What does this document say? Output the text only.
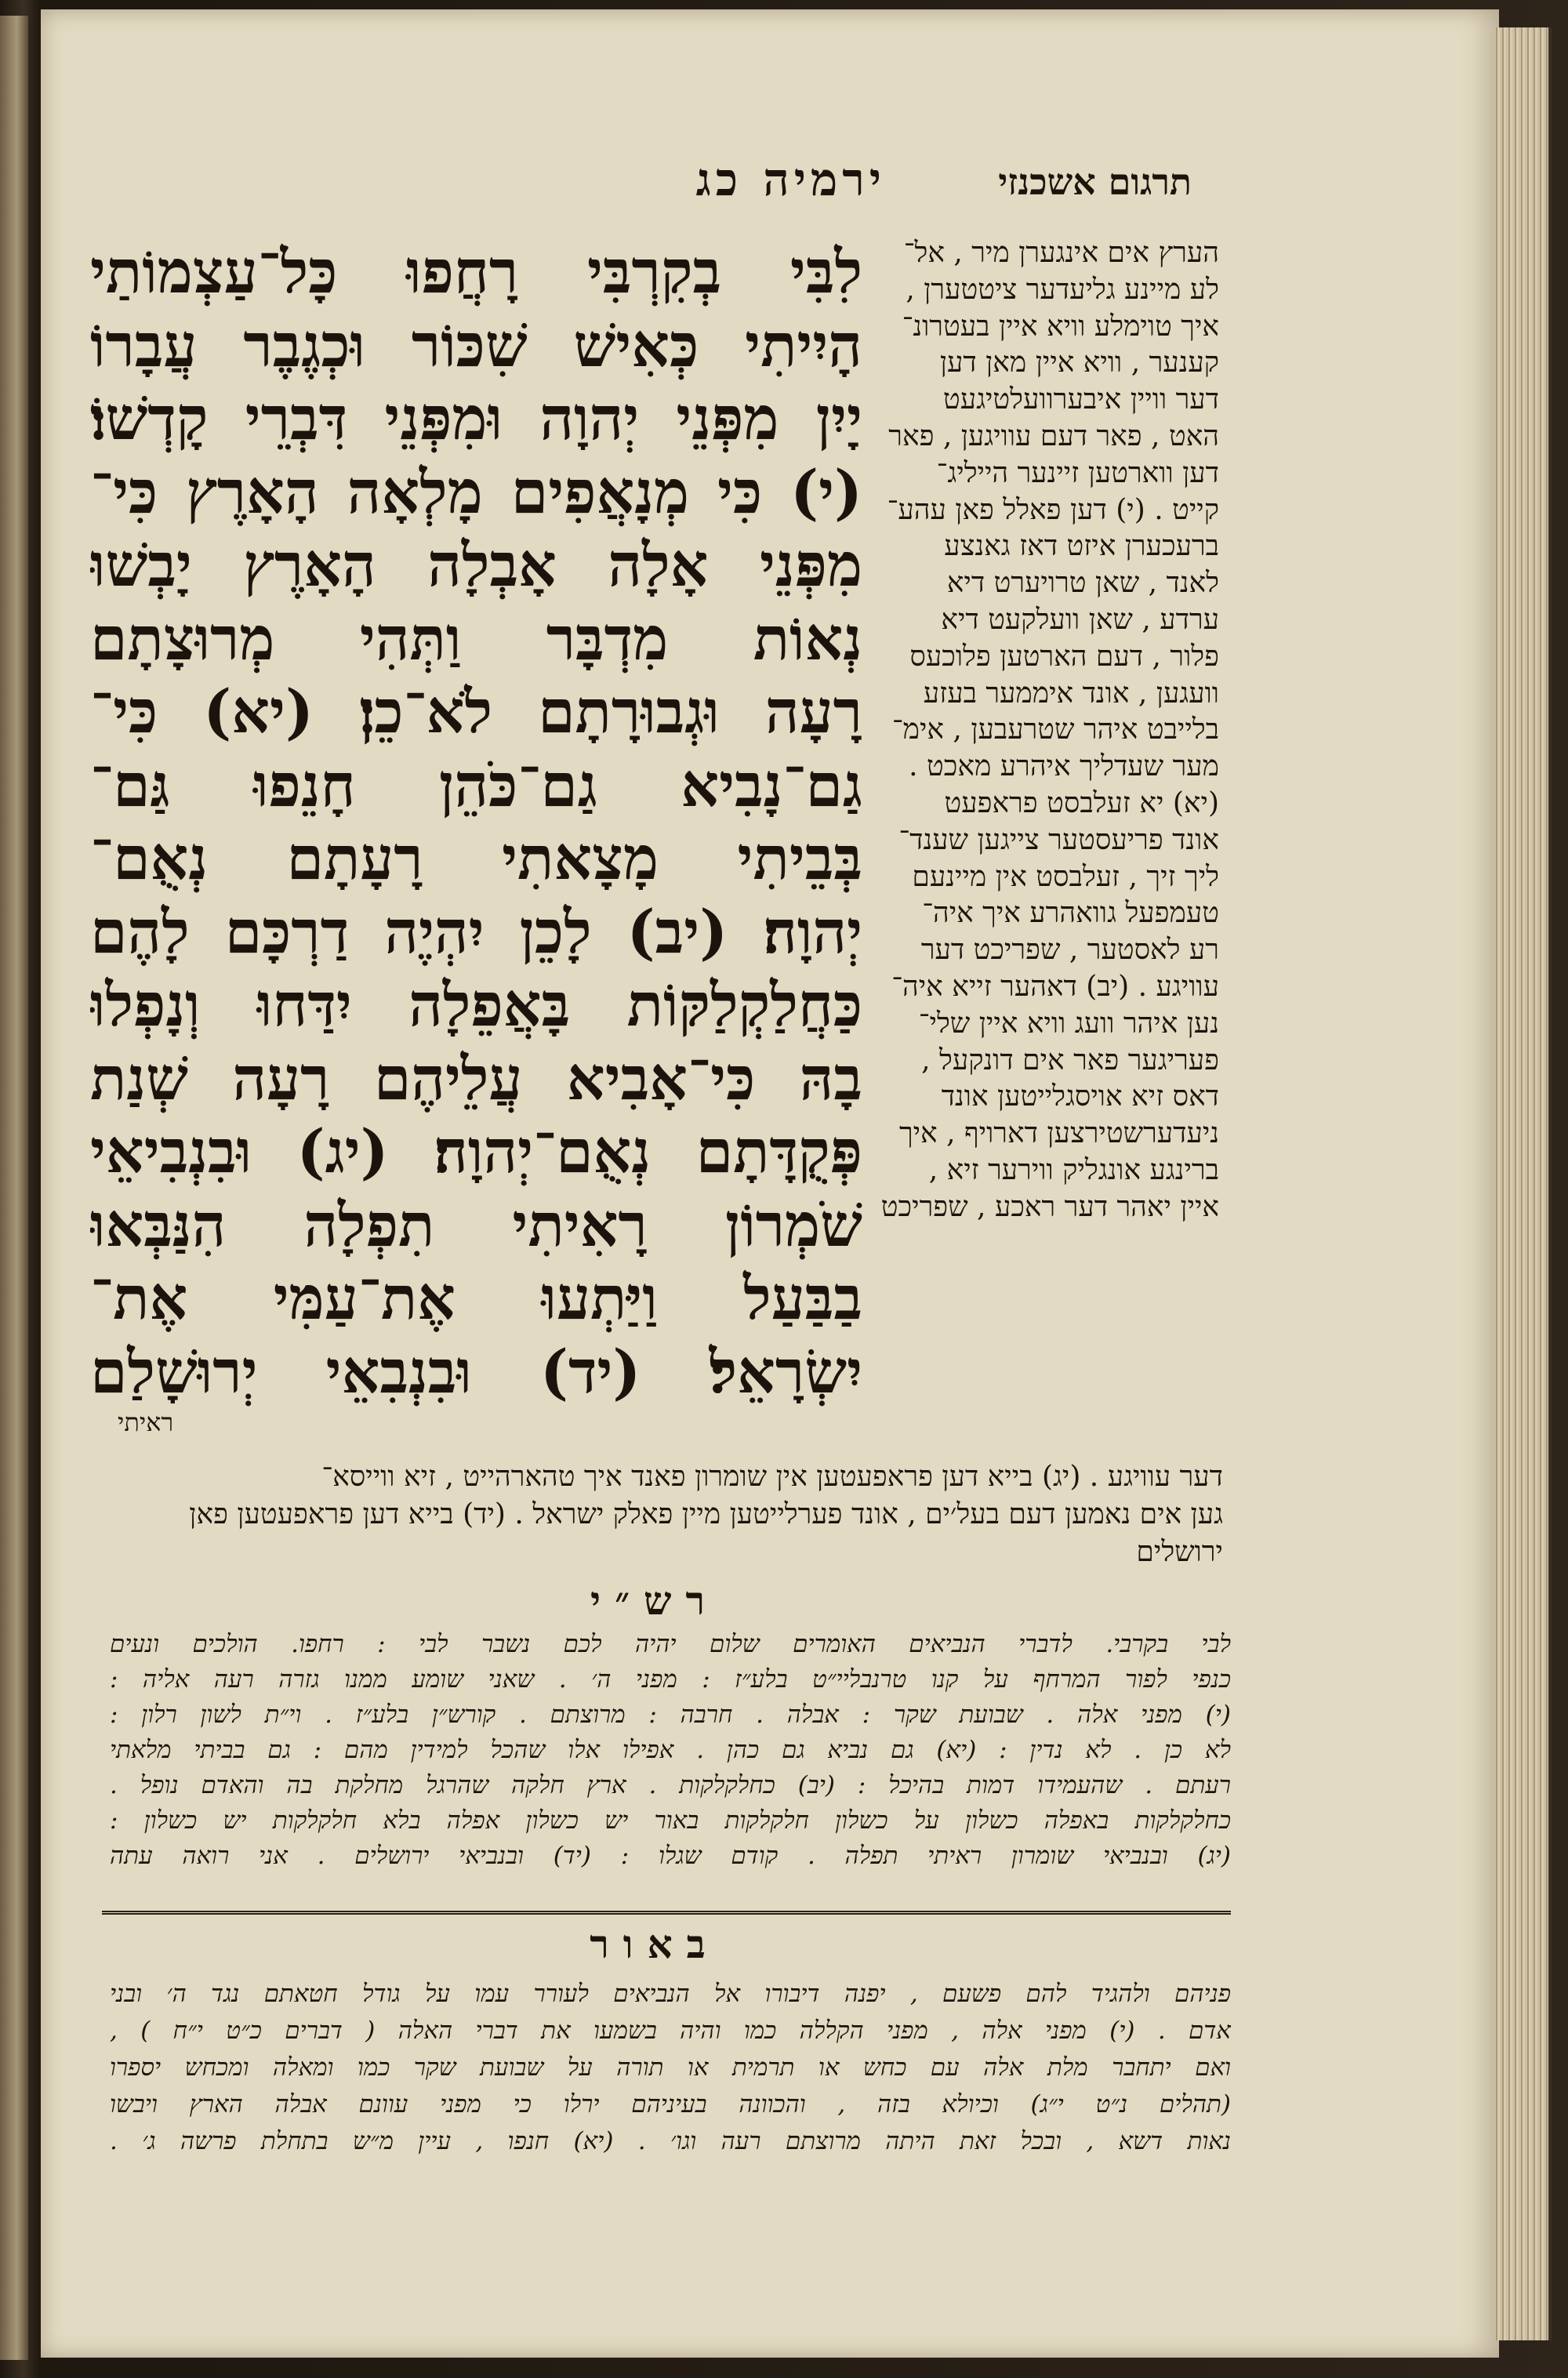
ירמיה כג	תרגום אשכנזי
לִבִּי בְקִרְבִּי רָחֲפוּ כָּל־עַצְמוֹתַי
הָיִיתִי כְּאִישׁ שִׁכּוֹר וּכְגֶבֶר עֲבָרוֹ
יָיִן מִפְּנֵי יְהוָה וּמִפְּנֵי דִּבְרֵי קָדְשׁוֹ׃
(י) כִּי מְנָאֲפִים מָלְאָה הָאָרֶץ כִּי־
מִפְּנֵי אָלָה אָבְלָה הָאָרֶץ יָבְשׁוּ
נְאוֹת מִדְבָּר וַתְּהִי מְרוּצָתָם
רָעָה וּגְבוּרָתָם לֹא־כֵן׃ (יא) כִּי־
גַם־נָבִיא גַם־כֹּהֵן חָנֵפוּ גַּם־
בְּבֵיתִי מָצָאתִי רָעָתָם נְאֻם־
יְהוָה׃ (יב) לָכֵן יִהְיֶה דַרְכָּם לָהֶם
כַּחֲלַקְלַקּוֹת בָּאֲפֵלָה יִדַּחוּ וְנָפְלוּ
בָהּ כִּי־אָבִיא עֲלֵיהֶם רָעָה שְׁנַת
פְּקֻדָּתָם נְאֻם־יְהוָה׃ (יג) וּבִנְבִיאֵי
שֹׁמְרוֹן רָאִיתִי תִפְלָה הִנַּבְּאוּ
בַבַּעַל וַיַּתְעוּ אֶת־עַמִּי אֶת־
יִשְׂרָאֵל׃ (יד) וּבִנְבִאֵי יְרוּשָׁלַם
ראיתי
הערץ אים אינגערן מיר , אל־
לע מיינע גליעדער ציטטערן ,
איך טוימלע וויא איין בעטרונ־
קענער , וויא איין מאן דען
דער וויין איבערוועלטיגעט
האט , פאר דעם עוויגען , פאר
דען ווארטען זיינער הייליג־
קייט . (י) דען פאלל פאן עהע־
ברעכערן איזט דאז גאנצע
לאנד , שאן טרויערט דיא
ערדע , שאן וועלקעט דיא
פלור , דעם הארטען פלוכעס
וועגען , אונד איממער בעזע
בלייבט איהר שטרעבען , אימ־
מער שעדליך איהרע מאכט .
(יא) יא זעלבסט פראפעט
אונד פריעסטער צייגען שענד־
ליך זיך , זעלבסט אין מיינעם
טעמפעל גוואהרע איך איה־
רע לאסטער , שפריכט דער
עוויגע . (יב) דאהער זייא איה־
נען איהר וועג וויא איין שלי־
פעריגער פאר אים דונקעל ,
דאס זיא אויסגלייטען אונד
ניעדערשטירצען דארויף , איך
ברינגע אונגליק ווירער זיא ,
איין יאהר דער ראכע , שפריכט
דער עוויגע . (יג) בייא דען פראפעטען אין שומרון פאנד איך טהארהייט , זיא ווייסא־
גען אים נאמען דעם בעל׳ים , אונד פערלייטען מיין פאלק ישראל . (יד) בייא דען פראפעטען פאן
ירושלים
רש״י
לבי בקרבי. לדברי הנביאים האומרים שלום יהיה לכם נשבר לבי : רחפו. הולכים ונעים
כנפי לפור המרחף על קנו טרנבליי״ט בלע״ז : מפני ה׳ . שאני שומע ממנו גזרה רעה אליה :
(י) מפני אלה . שבועת שקר : אבלה . חרבה : מרוצתם . קורש״ן בלע״ז . וי״ת לשון רלון :
לא כן . לא נדין : (יא) גם נביא גם כהן . אפילו אלו שהכל למידין מהם : גם בביתי מלאתי
רעתם . שהעמידו דמות בהיכל : (יב) כחלקלקות . ארץ חלקה שהרגל מחלקת בה והאדם נופל .
כחלקלקות באפלה כשלון על כשלון חלקלקות באור יש כשלון אפלה בלא חלקלקות יש כשלון :
(יג) ובנביאי שומרון ראיתי תפלה . קודם שגלו : (יד) ובנביאי ירושלים . אני רואה עתה
באור
פניהם ולהגיד להם פשעם , יפנה דיבורו אל הנביאים לעורר עמו על גודל חטאתם נגד ה׳ ובני
אדם . (י) מפני אלה , מפני הקללה כמו והיה בשמעו את דברי האלה ( דברים כ״ט י״ח ) ,
ואם יתחבר מלת אלה עם כחש או תרמית או תורה על שבועת שקר כמו ומאלה ומכחש יספרו
(תהלים נ״ט י״ג) וכיולא בזה , והכוונה בעיניהם ירלו כי מפני עוונם אבלה הארץ ויבשו
נאות דשא , ובכל זאת היתה מרוצתם רעה וגו׳ . (יא) חנפו , עיין מ״ש בתחלת פרשה ג׳ .
